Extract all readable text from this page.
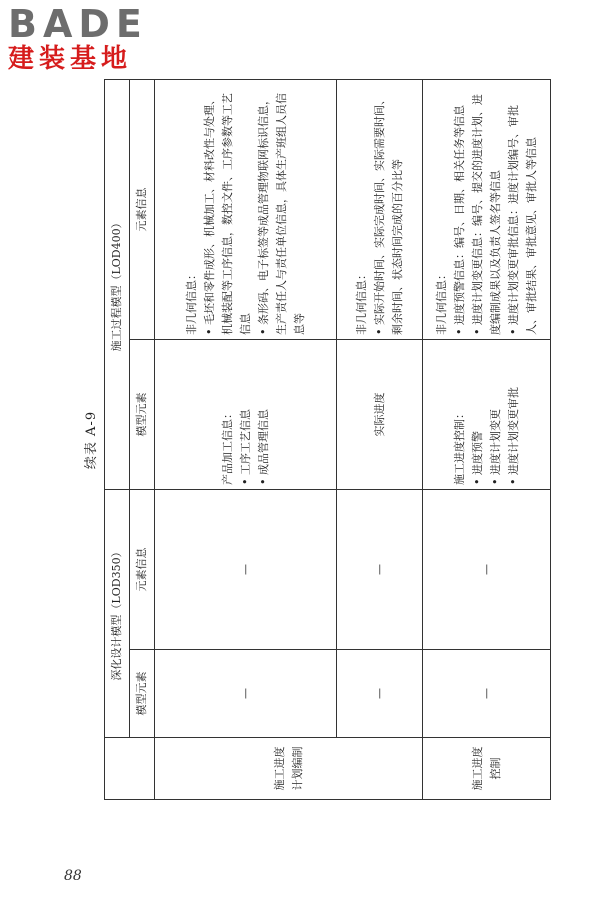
BADE
建装基地
续表 A-9
	深化设计模型（LOD350）		施工过程模型（LOD400）	
	模型元素	元素信息	模型元素	元素信息
施工进度计划编制	—	—	产品加工信息： • 工序工艺信息 • 成品管理信息	非几何信息： • 毛坯和零件成形、机械加工、材料改性与处理、机械装配等工序信息，数控文件、工序参数等工艺信息 • 条形码、电子标签等成品管理物联网标识信息，生产责任人与责任单位信息，具体生产班组人员信息等

	—	—	实际进度	非几何信息： • 实际开始时间、实际完成时间、实际需要时间、剩余时间、状态时间完成的百分比等

施工进度控制	—	—	施工进度控制： • 进度预警 • 进度计划变更 • 进度计划变更审批	非几何信息： • 进度预警信息：编号、日期、相关任务等信息 • 进度计划变更信息：编号、提交的进度计划、进度编制成果以及负责人签名等信息 • 进度计划变更审批信息：进度计划编号、审批人、审批结果、审批意见、审批人等信息
88
